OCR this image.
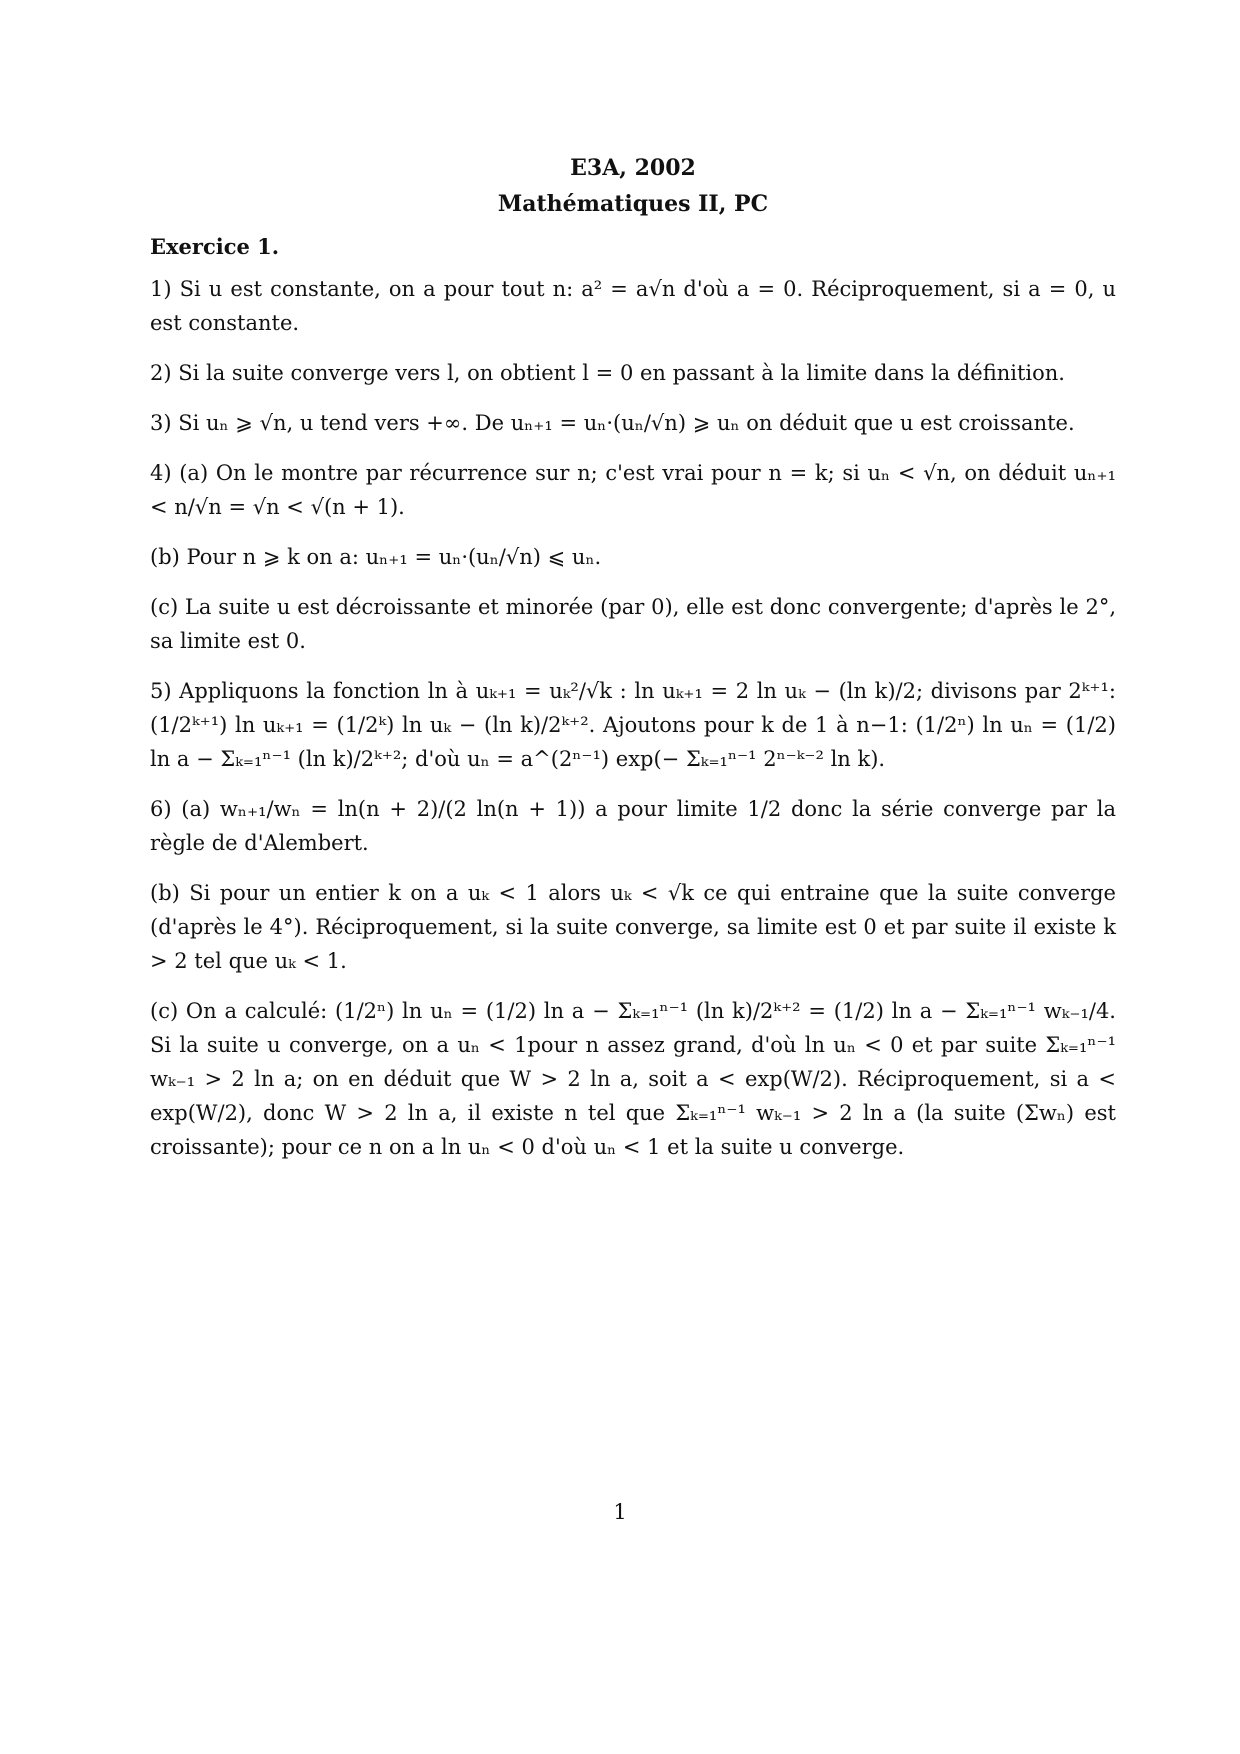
E3A, 2002
Mathématiques II, PC
Exercice 1.
1) Si u est constante, on a pour tout n: a² = a√n d'où a = 0. Réciproquement, si a = 0, u est constante.
2) Si la suite converge vers l, on obtient l = 0 en passant à la limite dans la définition.
3) Si uₙ ⩾ √n, u tend vers +∞. De uₙ₊₁ = uₙ·(uₙ/√n) ⩾ uₙ on déduit que u est croissante.
4) (a) On le montre par récurrence sur n; c'est vrai pour n = k; si uₙ < √n, on déduit uₙ₊₁ < n/√n = √n < √(n + 1).
(b) Pour n ⩾ k on a: uₙ₊₁ = uₙ·(uₙ/√n) ⩽ uₙ.
(c) La suite u est décroissante et minorée (par 0), elle est donc convergente; d'après le 2°, sa limite est 0.
5) Appliquons la fonction ln à uₖ₊₁ = uₖ²/√k : ln uₖ₊₁ = 2 ln uₖ − (ln k)/2; divisons par 2ᵏ⁺¹: (1/2ᵏ⁺¹) ln uₖ₊₁ = (1/2ᵏ) ln uₖ − (ln k)/2ᵏ⁺². Ajoutons pour k de 1 à n−1: (1/2ⁿ) ln uₙ = (1/2) ln a − Σₖ₌₁ⁿ⁻¹ (ln k)/2ᵏ⁺²; d'où uₙ = a^(2ⁿ⁻¹) exp(− Σₖ₌₁ⁿ⁻¹ 2ⁿ⁻ᵏ⁻² ln k).
6) (a) wₙ₊₁/wₙ = ln(n + 2)/(2 ln(n + 1)) a pour limite 1/2 donc la série converge par la règle de d'Alembert.
(b) Si pour un entier k on a uₖ < 1 alors uₖ < √k ce qui entraine que la suite converge (d'après le 4°). Réciproquement, si la suite converge, sa limite est 0 et par suite il existe k > 2 tel que uₖ < 1.
(c) On a calculé: (1/2ⁿ) ln uₙ = (1/2) ln a − Σₖ₌₁ⁿ⁻¹ (ln k)/2ᵏ⁺² = (1/2) ln a − Σₖ₌₁ⁿ⁻¹ wₖ₋₁/4. Si la suite u converge, on a uₙ < 1pour n assez grand, d'où ln uₙ < 0 et par suite Σₖ₌₁ⁿ⁻¹ wₖ₋₁ > 2 ln a; on en déduit que W > 2 ln a, soit a < exp(W/2). Réciproquement, si a < exp(W/2), donc W > 2 ln a, il existe n tel que Σₖ₌₁ⁿ⁻¹ wₖ₋₁ > 2 ln a (la suite (Σwₙ) est croissante); pour ce n on a ln uₙ < 0 d'où uₙ < 1 et la suite u converge.
1
